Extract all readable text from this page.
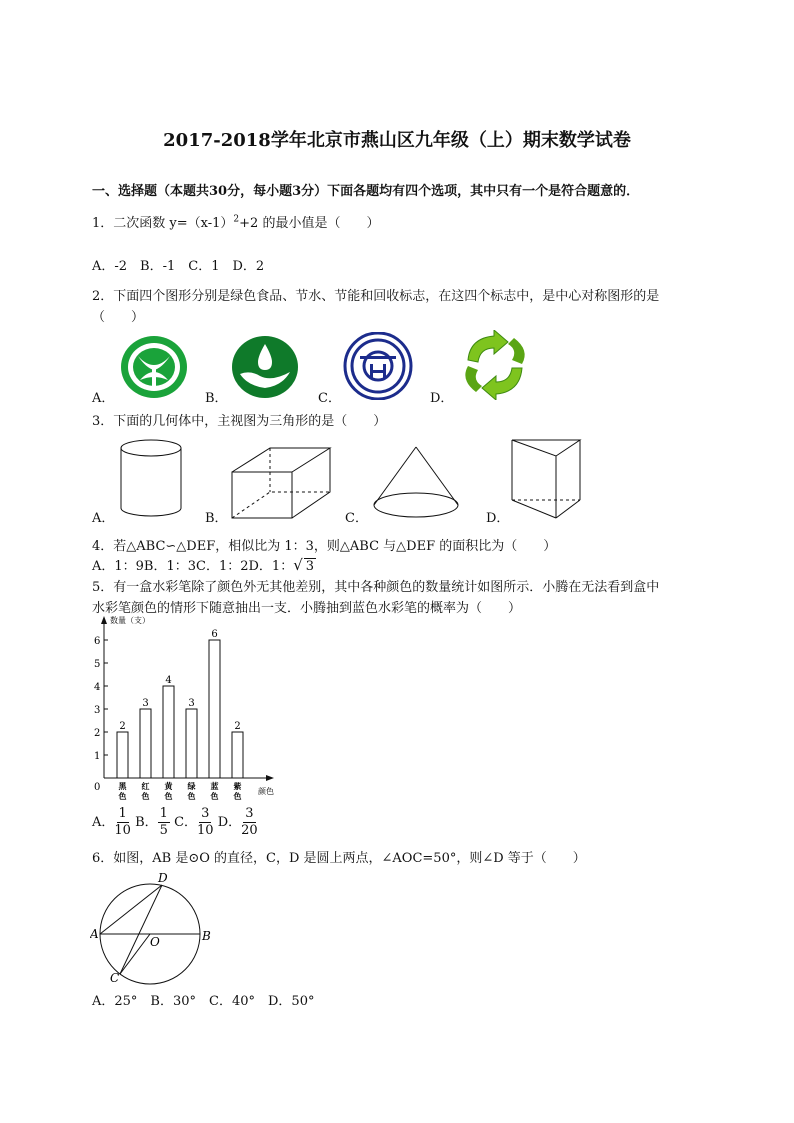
2017-2018学年北京市燕山区九年级（上）期末数学试卷
一、选择题（本题共30分，每小题3分）下面各题均有四个选项，其中只有一个是符合题意的．
1．二次函数 $y=(x-1)^2+2$ 的最小值是（　　）
A．-2　B．-1　C．1　D．2
2．下面四个图形分别是绿色食品、节水、节能和回收标志，在这四个标志中，是中心对称图形的是
（　　）
A．	B．	C．	D．
3．下面的几何体中，主视图为三角形的是（　　）
A．	B．	C．	D．
4．若△ABC∽△DEF，相似比为 1：3，则△ABC 与△DEF 的面积比为（　　）
A．1：9B．1：3C．1：2D．1：√ 3
5．有一盒水彩笔除了颜色外无其他差别，其中各种颜色的数量统计如图所示．小腾在无法看到盒中
水彩笔颜色的情形下随意抽出一支．小腾抽到蓝色水彩笔的概率为（　　）
数量（支）
颜色
0
1
2
3
4
5
6
2
黑
色
3
红
色
4
黄
色
3
绿
色
6
蓝
色
2
紫
色
A． $\frac{1}{10}$ B． $\frac{1}{5}$ C． $\frac{3}{10}$ D． $\frac{3}{20}$
6．如图，AB 是⊙O 的直径，C，D 是圆上两点，∠AOC=50°，则∠D 等于（　　）
A	B
C
D
O
A．25°　B．30°　C．40°　D．50°
